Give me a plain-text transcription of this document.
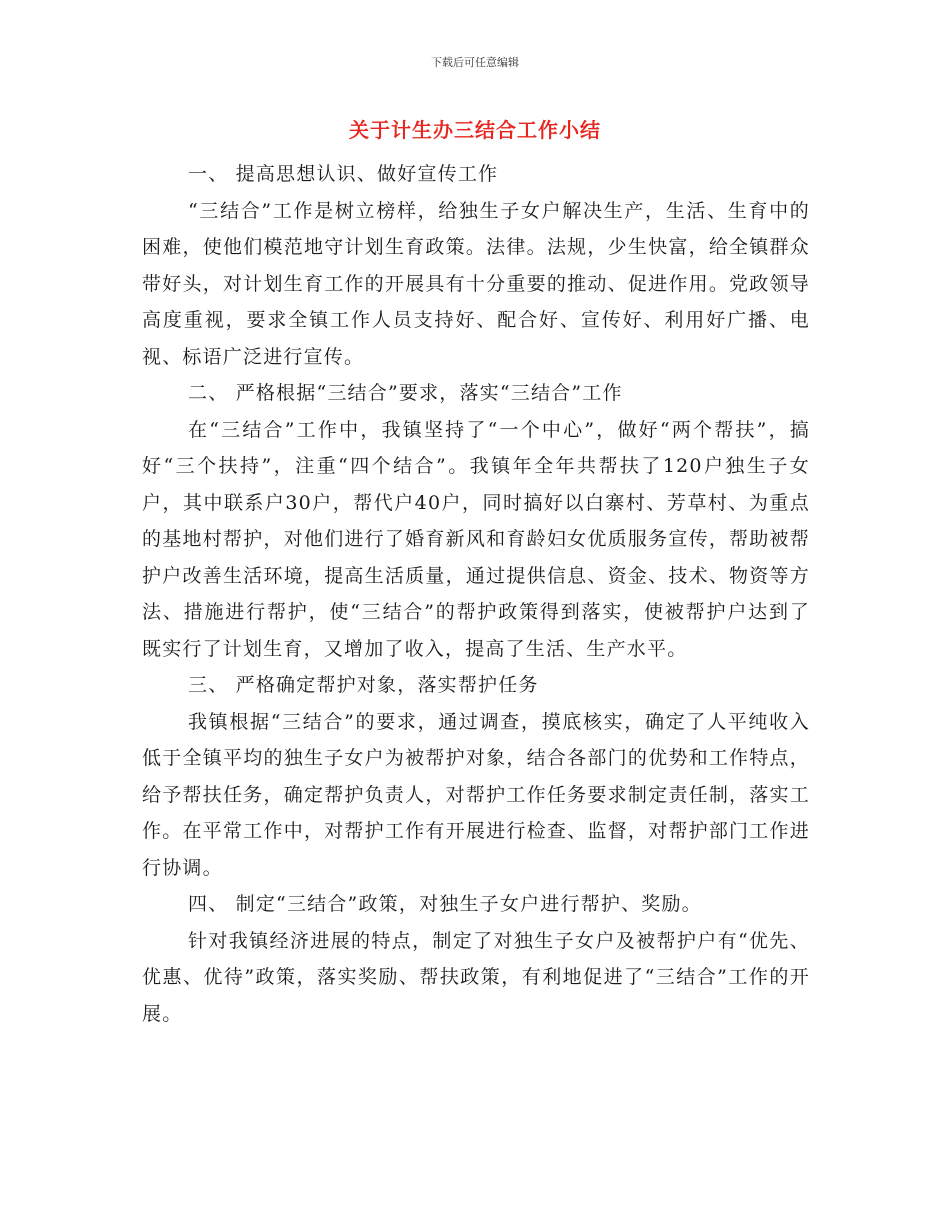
下载后可任意编辑
关于计生办三结合工作小结

一、 提高思想认识、做好宣传工作

“三结合”工作是树立榜样，给独生子女户解决生产，生活、生育中的困难，使他们模范地守计划生育政策。法律。法规，少生快富，给全镇群众带好头，对计划生育工作的开展具有十分重要的推动、促进作用。党政领导高度重视，要求全镇工作人员支持好、配合好、宣传好、利用好广播、电视、标语广泛进行宣传。

二、 严格根据“三结合”要求，落实“三结合”工作

在“三结合”工作中，我镇坚持了“一个中心”，做好“两个帮扶”，搞好“三个扶持”，注重“四个结合”。我镇年全年共帮扶了120户独生子女户，其中联系户30户，帮代户40户，同时搞好以白寨村、芳草村、为重点的基地村帮护，对他们进行了婚育新风和育龄妇女优质服务宣传，帮助被帮护户改善生活环境，提高生活质量，通过提供信息、资金、技术、物资等方法、措施进行帮护，使“三结合”的帮护政策得到落实，使被帮护户达到了既实行了计划生育，又增加了收入，提高了生活、生产水平。

三、 严格确定帮护对象，落实帮护任务

我镇根据“三结合”的要求，通过调查，摸底核实，确定了人平纯收入低于全镇平均的独生子女户为被帮护对象，结合各部门的优势和工作特点，给予帮扶任务，确定帮护负责人，对帮护工作任务要求制定责任制，落实工作。在平常工作中，对帮护工作有开展进行检查、监督，对帮护部门工作进行协调。

四、 制定“三结合”政策，对独生子女户进行帮护、奖励。

针对我镇经济进展的特点，制定了对独生子女户及被帮护户有“优先、优惠、优待”政策，落实奖励、帮扶政策，有利地促进了“三结合”工作的开展。
